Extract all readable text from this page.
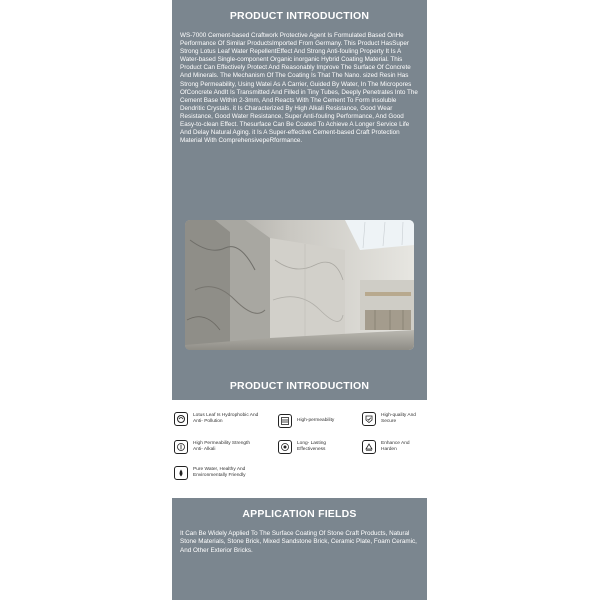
PRODUCT INTRODUCTION
WS-7000 Cement-based Craftwork Protective Agent Is Formulated Based OnHe Performance Of Similar ProductsImported From Germany. This Product HasSuper Strong Lotus Leaf Water RepellentEffect And Strong Anti-fouling Property It Is A Water-based Single-component Organic inorganic Hybrid Coating Material. This Product Can Effectively Protect And Reasonably Improve The Surface Of Concrete And Minerals. The Mechanism Of The Coating Is That The Nano. sized Resin Has Strong Permeability, Using Watei As A Carrier, Guided By Water, In The Micropores OfConcrete AndIt Is Transmitted And Filled in Tiny Tubes, Deeply Penetrates Into The Cement Base Within 2-3mm, And Reacts With The Cement To Form insoluble Dendritic Crystals. it Is Characterized By High Alkali Resistance, Good Wear Resistance, Good Water Resistance, Super Anti-fouling Performance, And Good Easy-to-clean Effect. Thesurface Can Be Coated To Achieve A Longer Service Life And Delay Natural Aging. it Is A Super-effective Cement-based Craft Protection Material With ComprehensivepeRformance.
PRODUCT INTRODUCTION
Lotus Leaf Is Hydrophobic And Anti- Pollution	High-permeability
High-quality And Secure
High Permeability Strength Anti- Alkali
Long- Lasting Effectiveness
Enhance And Harden
Pure Water, Healthy And Environmentally Friendly
APPLICATION FIELDS
It Can Be Widely Applied To The Surface Coating Of Stone Craft Products, Natural Stone Materials, Stone Brick, Mixed Sandstone Brick, Ceramic Plate, Foam Ceramic, And Other Exterior Bricks.
